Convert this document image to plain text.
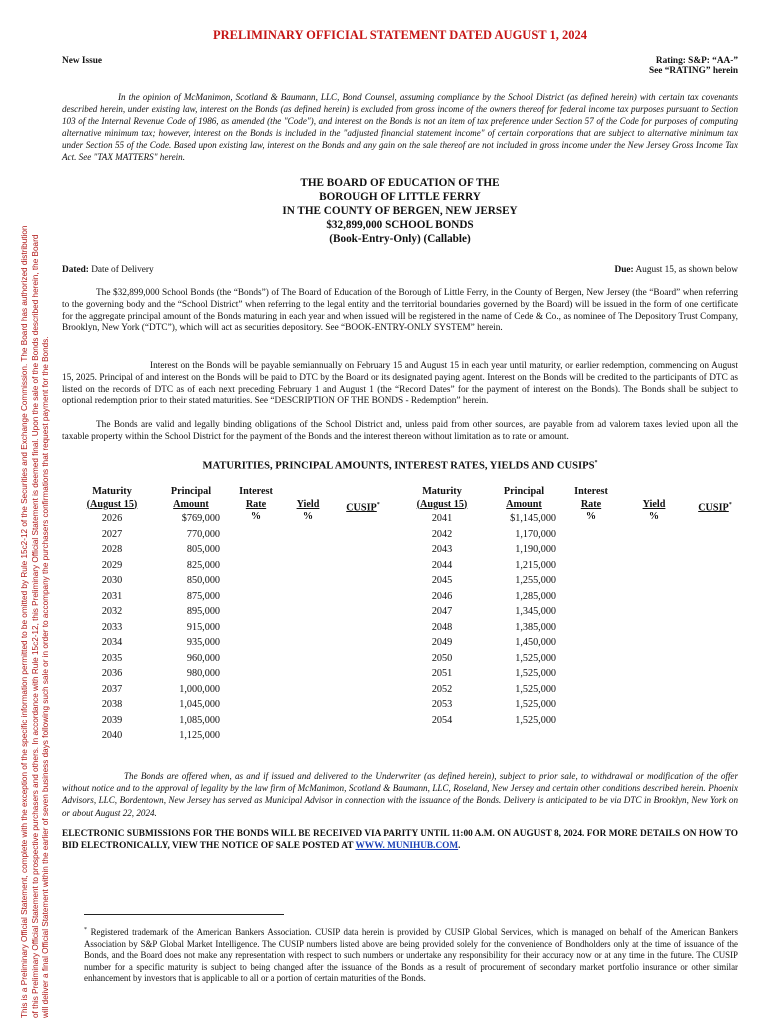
This is a Preliminary Official Statement, complete with the exception of the specific information permitted to be omitted by Rule 15c2-12 of the Securities and Exchange Commission. The Board has authorized distribution of this Preliminary Official Statement to prospective purchasers and others. In accordance with Rule 15c2-12, this Preliminary Official Statement is deemed final. Upon the sale of the Bonds described herein, the Board will deliver a final Official Statement within the earlier of seven business days following such sale or in order to accompany the purchasers confirmations that request payment for the Bonds.
PRELIMINARY OFFICIAL STATEMENT DATED AUGUST 1, 2024
New Issue	Rating: S&P: “AA-”
See “RATING” herein
In the opinion of McManimon, Scotland & Baumann, LLC, Bond Counsel, assuming compliance by the School District (as defined herein) with certain tax covenants described herein, under existing law, interest on the Bonds (as defined herein) is excluded from gross income of the owners thereof for federal income tax purposes pursuant to Section 103 of the Internal Revenue Code of 1986, as amended (the "Code"), and interest on the Bonds is not an item of tax preference under Section 57 of the Code for purposes of computing alternative minimum tax; however, interest on the Bonds is included in the "adjusted financial statement income" of certain corporations that are subject to alternative minimum tax under Section 55 of the Code. Based upon existing law, interest on the Bonds and any gain on the sale thereof are not included in gross income under the New Jersey Gross Income Tax Act. See "TAX MATTERS" herein.
THE BOARD OF EDUCATION OF THE
BOROUGH OF LITTLE FERRY
IN THE COUNTY OF BERGEN, NEW JERSEY
$32,899,000 SCHOOL BONDS
(Book-Entry-Only) (Callable)
Dated: Date of Delivery	Due: August 15, as shown below
The $32,899,000 School Bonds (the “Bonds”) of The Board of Education of the Borough of Little Ferry, in the County of Bergen, New Jersey (the “Board” when referring to the governing body and the “School District” when referring to the legal entity and the territorial boundaries governed by the Board) will be issued in the form of one certificate for the aggregate principal amount of the Bonds maturing in each year and when issued will be registered in the name of Cede & Co., as nominee of The Depository Trust Company, Brooklyn, New York (“DTC”), which will act as securities depository. See “BOOK-ENTRY-ONLY SYSTEM” herein.
Interest on the Bonds will be payable semiannually on February 15 and August 15 in each year until maturity, or earlier redemption, commencing on August 15, 2025. Principal of and interest on the Bonds will be paid to DTC by the Board or its designated paying agent. Interest on the Bonds will be credited to the participants of DTC as listed on the records of DTC as of each next preceding February 1 and August 1 (the “Record Dates” for the payment of interest on the Bonds). The Bonds shall be subject to optional redemption prior to their stated maturities. See “DESCRIPTION OF THE BONDS - Redemption” herein.
The Bonds are valid and legally binding obligations of the School District and, unless paid from other sources, are payable from ad valorem taxes levied upon all the taxable property within the School District for the payment of the Bonds and the interest thereon without limitation as to rate or amount.
MATURITIES, PRINCIPAL AMOUNTS, INTEREST RATES, YIELDS AND CUSIPS*
Maturity
(August 15)
2026
2027
2028
2029
2030
2031
2032
2033
2034
2035
2036
2037
2038
2039
2040
Principal
Amount
$769,000
770,000
805,000
825,000
850,000
875,000
895,000
915,000
935,000
960,000
980,000
1,000,000
1,045,000
1,085,000
1,125,000
Interest
Rate
%
Yield
%
CUSIP*
Maturity
(August 15)
2041
2042
2043
2044
2045
2046
2047
2048
2049
2050
2051
2052
2053
2054
Principal
Amount
$1,145,000
1,170,000
1,190,000
1,215,000
1,255,000
1,285,000
1,345,000
1,385,000
1,450,000
1,525,000
1,525,000
1,525,000
1,525,000
1,525,000
Interest
Rate
%
Yield
%
CUSIP*
The Bonds are offered when, as and if issued and delivered to the Underwriter (as defined herein), subject to prior sale, to withdrawal or modification of the offer without notice and to the approval of legality by the law firm of McManimon, Scotland & Baumann, LLC, Roseland, New Jersey and certain other conditions described herein. Phoenix Advisors, LLC, Bordentown, New Jersey has served as Municipal Advisor in connection with the issuance of the Bonds. Delivery is anticipated to be via DTC in Brooklyn, New York on or about August 22, 2024.
ELECTRONIC SUBMISSIONS FOR THE BONDS WILL BE RECEIVED VIA PARITY UNTIL 11:00 A.M. ON AUGUST 8, 2024. FOR MORE DETAILS ON HOW TO BID ELECTRONICALLY, VIEW THE NOTICE OF SALE POSTED AT WWW. MUNIHUB.COM.
* Registered trademark of the American Bankers Association. CUSIP data herein is provided by CUSIP Global Services, which is managed on behalf of the American Bankers Association by S&P Global Market Intelligence. The CUSIP numbers listed above are being provided solely for the convenience of Bondholders only at the time of issuance of the Bonds, and the Board does not make any representation with respect to such numbers or undertake any responsibility for their accuracy now or at any time in the future. The CUSIP number for a specific maturity is subject to being changed after the issuance of the Bonds as a result of procurement of secondary market portfolio insurance or other similar enhancement by investors that is applicable to all or a portion of certain maturities of the Bonds.
